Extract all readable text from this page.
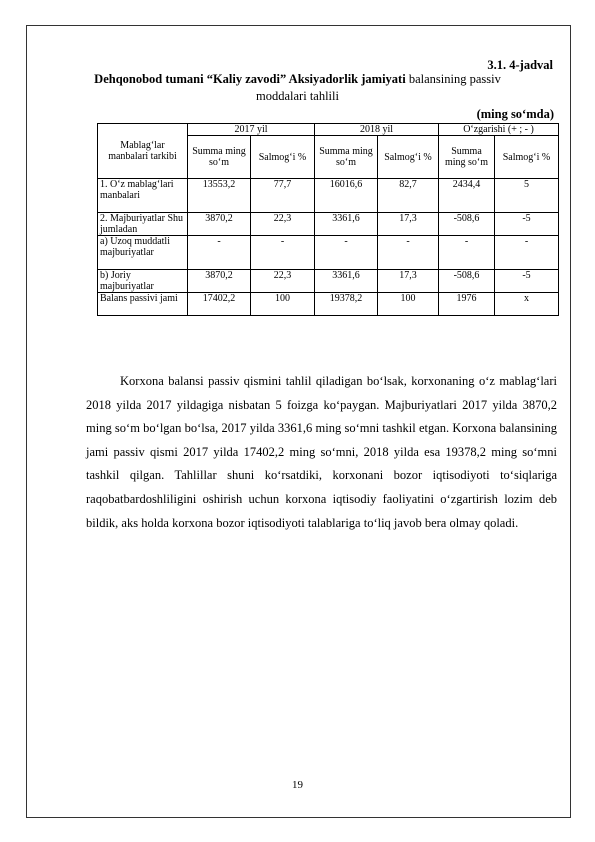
3.1. 4-jadval
Dehqonobod tumani “Kaliy zavodi” Aksiyadorlik jamiyati balansining passiv
moddalari tahlili
(ming so‘mda)
Mablag‘lar manbalari tarkibi	2017 yil		2018 yil		O‘zgarishi (+ ; - )	
	Summa ming so‘m	Salmog‘i %	Summa ming so‘m	Salmog‘i %	Summa ming so‘m	Salmog‘i %
1. O‘z mablag‘lari manbalari	13553,2	77,7	16016,6	82,7	2434,4	5
2. Majburiyatlar Shu jumladan	3870,2	22,3	3361,6	17,3	-508,6	-5
a) Uzoq muddatli majburiyatlar	-	-	-	-	-	-
b) Joriy majburiyatlar	3870,2	22,3	3361,6	17,3	-508,6	-5
Balans passivi jami	17402,2	100	19378,2	100	1976	x

Korxona balansi passiv qismini tahlil qiladigan bo‘lsak, korxonaning o‘z mablag‘lari 2018 yilda 2017 yildagiga nisbatan 5 foizga ko‘paygan. Majburiyatlari 2017 yilda 3870,2 ming so‘m bo‘lgan bo‘lsa, 2017 yilda 3361,6 ming so‘mni tashkil etgan. Korxona balansining jami passiv qismi 2017 yilda 17402,2 ming so‘mni, 2018 yilda esa 19378,2 ming so‘mni tashkil qilgan. Tahlillar shuni ko‘rsatdiki, korxonani bozor iqtisodiyoti to‘siqlariga raqobatbardoshliligini oshirish uchun korxona iqtisodiy faoliyatini o‘zgartirish lozim deb bildik, aks holda korxona bozor iqtisodiyoti talablariga to‘liq javob bera olmay qoladi.

19
